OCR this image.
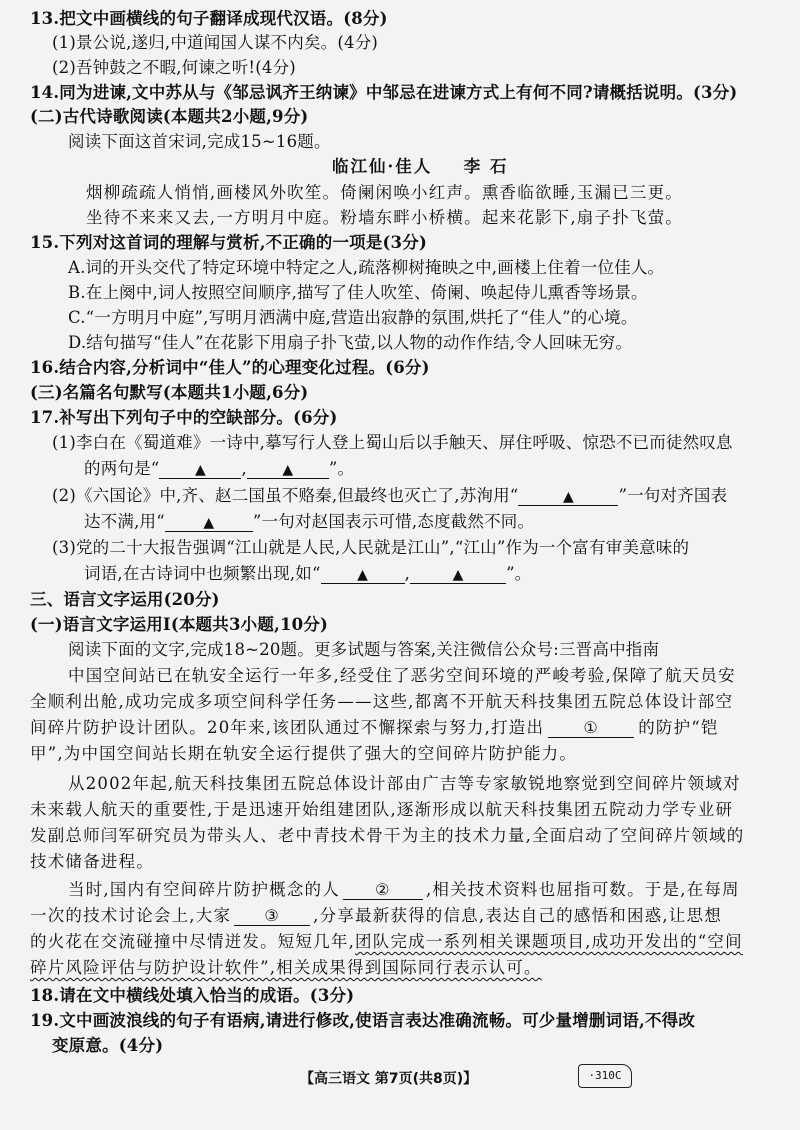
13.把文中画横线的句子翻译成现代汉语。(8分)
(1)景公说,遂归,中道闻国人谋不内矣。(4分)
(2)吾钟鼓之不暇,何谏之听!(4分)
14.同为进谏,文中苏从与《邹忌讽齐王纳谏》中邹忌在进谏方式上有何不同?请概括说明。(3分)
(二)古代诗歌阅读(本题共2小题,9分)
阅读下面这首宋词,完成15~16题。
临江仙·佳人 李 石
烟柳疏疏人悄悄,画楼风外吹笙。倚阑闲唤小红声。熏香临欲睡,玉漏已三更。
坐待不来来又去,一方明月中庭。粉墙东畔小桥横。起来花影下,扇子扑飞萤。
15.下列对这首词的理解与赏析,不正确的一项是(3分)
A.词的开头交代了特定环境中特定之人,疏落柳树掩映之中,画楼上住着一位佳人。
B.在上阕中,词人按照空间顺序,描写了佳人吹笙、倚阑、唤起侍儿熏香等场景。
C.“一方明月中庭”,写明月洒满中庭,营造出寂静的氛围,烘托了“佳人”的心境。
D.结句描写“佳人”在花影下用扇子扑飞萤,以人物的动作作结,令人回味无穷。
16.结合内容,分析词中“佳人”的心理变化过程。(6分)
(三)名篇名句默写(本题共1小题,6分)
17.补写出下列句子中的空缺部分。(6分)
(1)李白在《蜀道难》一诗中,摹写行人登上蜀山后以手触天、屏住呼吸、惊恐不已而徒然叹息
的两句是“	▲ ,	▲ ”。
(2)《六国论》中,齐、赵二国虽不赂秦,但最终也灭亡了,苏洵用“	▲	”一句对齐国表
达不满,用“	▲ ”一句对赵国表示可惜,态度截然不同。
(3)党的二十大报告强调“江山就是人民,人民就是江山”,“江山”作为一个富有审美意味的
词语,在古诗词中也频繁出现,如“	▲ ,	▲	”。
三、语言文字运用(20分)
(一)语言文字运用Ⅰ(本题共3小题,10分)
阅读下面的文字,完成18~20题。更多试题与答案,关注微信公众号:三晋高中指南
中国空间站已在轨安全运行一年多,经受住了恶劣空间环境的严峻考验,保障了航天员安
全顺利出舱,成功完成多项空间科学任务——这些,都离不开航天科技集团五院总体设计部空
间碎片防护设计团队。20年来,该团队通过不懈探索与努力,打造出 ① 的防护“铠
甲”,为中国空间站长期在轨安全运行提供了强大的空间碎片防护能力。
从2002年起,航天科技集团五院总体设计部由广吉等专家敏锐地察觉到空间碎片领域对
未来载人航天的重要性,于是迅速开始组建团队,逐渐形成以航天科技集团五院动力学专业研
发副总师闫军研究员为带头人、老中青技术骨干为主的技术力量,全面启动了空间碎片领域的
技术储备进程。
当时,国内有空间碎片防护概念的人 ② ,相关技术资料也屈指可数。于是,在每周
一次的技术讨论会上,大家 ③ ,分享最新获得的信息,表达自己的感悟和困惑,让思想
的火花在交流碰撞中尽情迸发。短短几年,团队完成一系列相关课题项目,成功开发出的“空间
碎片风险评估与防护设计软件”,相关成果得到国际同行表示认可。
18.请在文中横线处填入恰当的成语。(3分)
19.文中画波浪线的句子有语病,请进行修改,使语言表达准确流畅。可少量增删词语,不得改
变原意。(4分)
【高三语文 第7页(共8页)】	·310C
